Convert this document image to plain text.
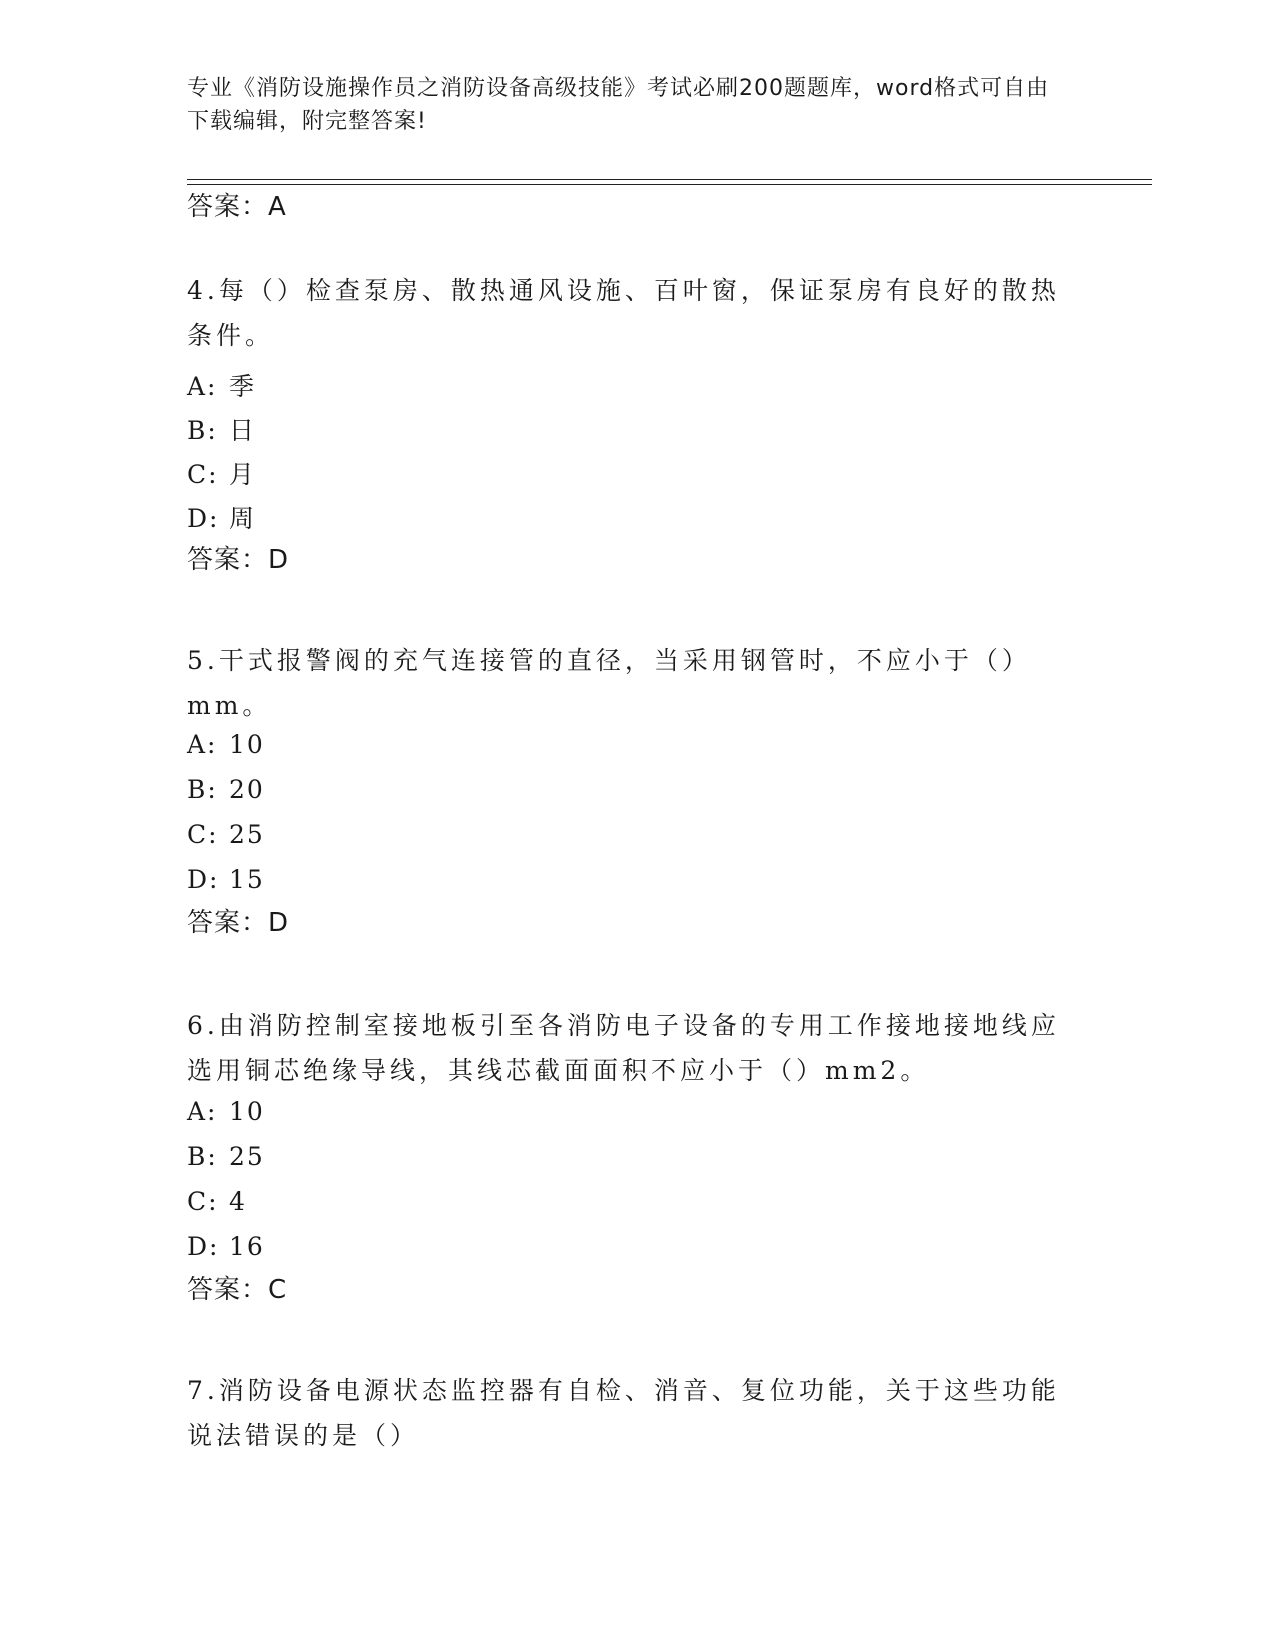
专业《消防设施操作员之消防设备高级技能》考试必刷200题题库，word格式可自由下载编辑，附完整答案!

答案：A

4.每（）检查泵房、散热通风设施、百叶窗，保证泵房有良好的散热条件。

A: 季

B: 日

C: 月

D: 周

答案：D

5.干式报警阀的充气连接管的直径，当采用钢管时，不应小于（）mm。

A: 10

B: 20

C: 25

D: 15

答案：D

6.由消防控制室接地板引至各消防电子设备的专用工作接地接地线应选用铜芯绝缘导线，其线芯截面面积不应小于（）mm2。

A: 10

B: 25

C: 4

D: 16

答案：C

7.消防设备电源状态监控器有自检、消音、复位功能，关于这些功能说法错误的是（）
